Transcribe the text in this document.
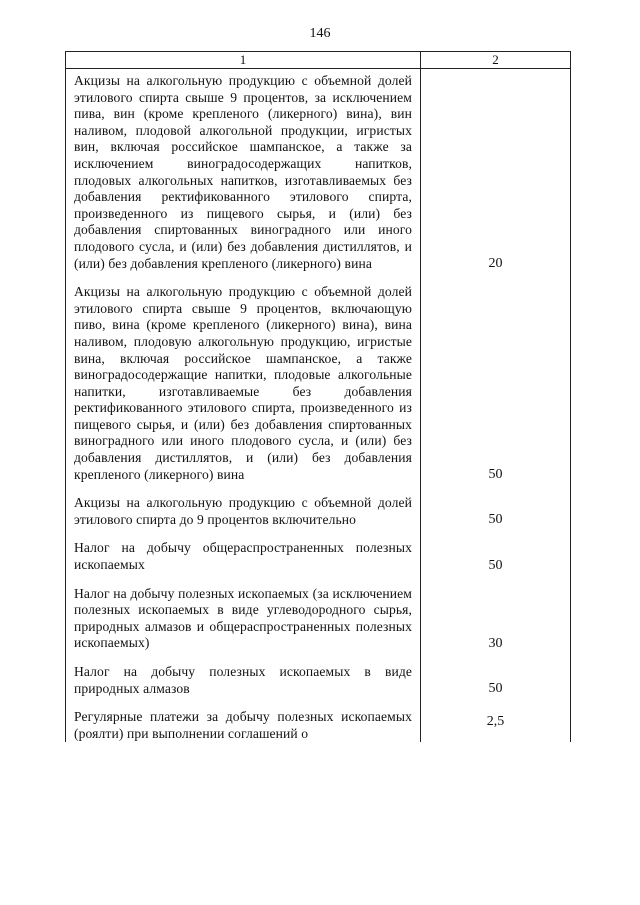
146
1	2

Акцизы на алкогольную продукцию с объемной долей этилового спирта свыше 9 процентов, за исключением пива, вин (кроме крепленого (ликерного) вина), вин наливом, плодовой алкогольной продукции, игристых вин, включая российское шампанское, а также за исключением виноградосодержащих напитков, плодовых алкогольных напитков, изготавливаемых без добавления ректификованного этилового спирта, произведенного из пищевого сырья, и (или) без добавления спиртованных виноградного или иного плодового сусла, и (или) без добавления дистиллятов, и (или) без добавления крепленого (ликерного) вина	20

Акцизы на алкогольную продукцию с объемной долей этилового спирта свыше 9 процентов, включающую пиво, вина (кроме крепленого (ликерного) вина), вина наливом, плодовую алкогольную продукцию, игристые вина, включая российское шампанское, а также виноградосодержащие напитки, плодовые алкогольные напитки, изготавливаемые без добавления ректификованного этилового спирта, произведенного из пищевого сырья, и (или) без добавления спиртованных виноградного или иного плодового сусла, и (или) без добавления дистиллятов, и (или) без добавления крепленого (ликерного) вина	50

Акцизы на алкогольную продукцию с объемной долей этилового спирта до 9 процентов включительно	50

Налог на добычу общераспространенных полезных ископаемых	50

Налог на добычу полезных ископаемых (за исключением полезных ископаемых в виде углеводородного сырья, природных алмазов и общераспространенных полезных ископаемых)	30

Налог на добычу полезных ископаемых в виде природных алмазов	50

Регулярные платежи за добычу полезных ископаемых (роялти) при выполнении соглашений о	2,5
